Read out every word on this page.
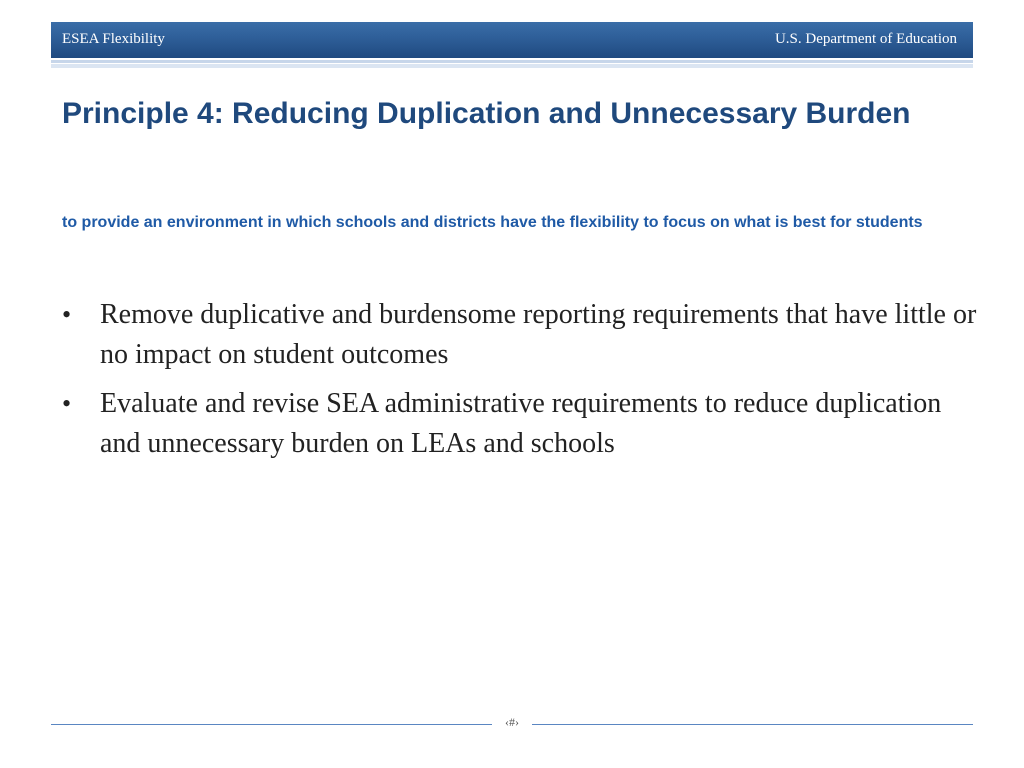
ESEA Flexibility	U.S. Department of Education
Principle 4: Reducing Duplication and Unnecessary Burden

to provide an environment in which schools and districts have the flexibility to focus on what is best for students

• Remove duplicative and burdensome reporting requirements that have little or no impact on student outcomes
• Evaluate and revise SEA administrative requirements to reduce duplication and unnecessary burden on LEAs and schools
‹#›
